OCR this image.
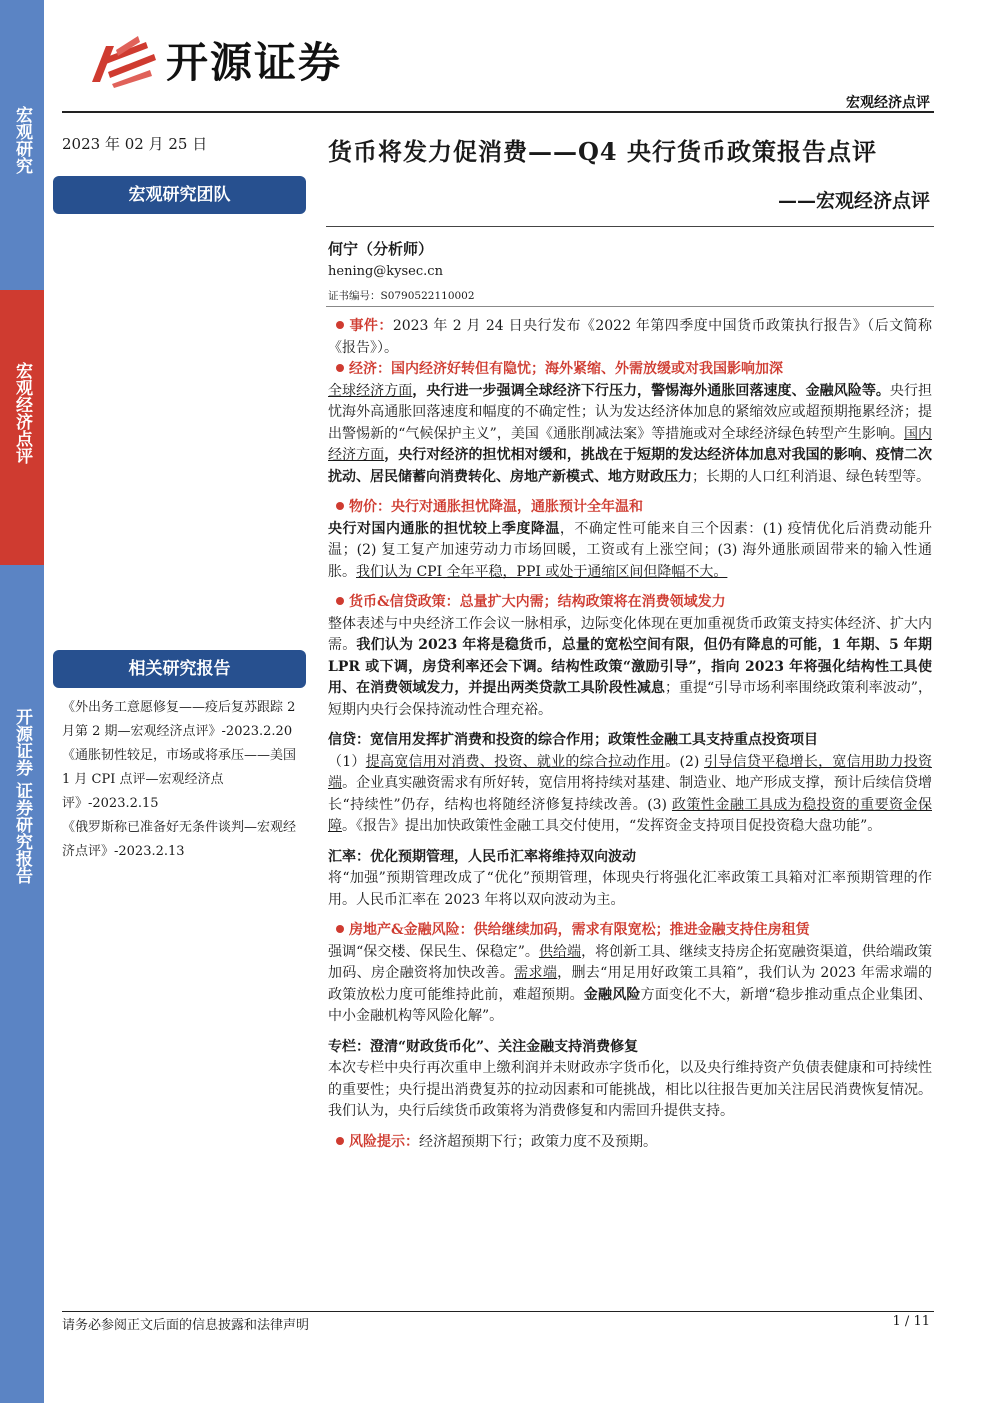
宏观研究
宏观经济点评
开源证券 证券研究报告
开源证券
宏观经济点评
2023 年 02 月 25 日
宏观研究团队
相关研究报告
《外出务工意愿修复——疫后复苏跟踪 2 月第 2 期—宏观经济点评》-2023.2.20
《通胀韧性较足，市场或将承压——美国 1 月 CPI 点评—宏观经济点评》-2023.2.15
《俄罗斯称已准备好无条件谈判—宏观经济点评》-2023.2.13
货币将发力促消费——Q4 央行货币政策报告点评
——宏观经济点评
何宁（分析师）
hening@kysec.cn
证书编号：S0790522110002

事件：2023 年 2 月 24 日央行发布《2022 年第四季度中国货币政策执行报告》（后文简称《报告》）。

经济：国内经济好转但有隐忧；海外紧缩、外需放缓或对我国影响加深

全球经济方面，央行进一步强调全球经济下行压力，警惕海外通胀回落速度、金融风险等。央行担忧海外高通胀回落速度和幅度的不确定性；认为发达经济体加息的紧缩效应或超预期拖累经济；提出警惕新的“气候保护主义”，美国《通胀削减法案》等措施或对全球经济绿色转型产生影响。国内经济方面，央行对经济的担忧相对缓和，挑战在于短期的发达经济体加息对我国的影响、疫情二次扰动、居民储蓄向消费转化、房地产新模式、地方财政压力；长期的人口红利消退、绿色转型等。

物价：央行对通胀担忧降温，通胀预计全年温和

央行对国内通胀的担忧较上季度降温，不确定性可能来自三个因素：(1) 疫情优化后消费动能升温；(2) 复工复产加速劳动力市场回暖，工资或有上涨空间；(3) 海外通胀顽固带来的输入性通胀。我们认为 CPI 全年平稳，PPI 或处于通缩区间但降幅不大。

货币&信贷政策：总量扩大内需；结构政策将在消费领域发力

整体表述与中央经济工作会议一脉相承，边际变化体现在更加重视货币政策支持实体经济、扩大内需。我们认为 2023 年将是稳货币，总量的宽松空间有限，但仍有降息的可能，1 年期、5 年期 LPR 或下调，房贷利率还会下调。结构性政策“激励引导”，指向 2023 年将强化结构性工具使用、在消费领域发力，并提出两类贷款工具阶段性减息；重提“引导市场利率围绕政策利率波动”，短期内央行会保持流动性合理充裕。

信贷：宽信用发挥扩消费和投资的综合作用；政策性金融工具支持重点投资项目

（1）提高宽信用对消费、投资、就业的综合拉动作用。(2) 引导信贷平稳增长，宽信用助力投资端。企业真实融资需求有所好转，宽信用将持续对基建、制造业、地产形成支撑，预计后续信贷增长“持续性”仍存，结构也将随经济修复持续改善。(3) 政策性金融工具成为稳投资的重要资金保障。《报告》提出加快政策性金融工具交付使用，“发挥资金支持项目促投资稳大盘功能”。

汇率：优化预期管理，人民币汇率将维持双向波动

将“加强”预期管理改成了“优化”预期管理，体现央行将强化汇率政策工具箱对汇率预期管理的作用。人民币汇率在 2023 年将以双向波动为主。

房地产&金融风险：供给继续加码，需求有限宽松；推进金融支持住房租赁

强调“保交楼、保民生、保稳定”。供给端，将创新工具、继续支持房企拓宽融资渠道，供给端政策加码、房企融资将加快改善。需求端，删去“用足用好政策工具箱”，我们认为 2023 年需求端的政策放松力度可能维持此前，难超预期。金融风险方面变化不大，新增“稳步推动重点企业集团、中小金融机构等风险化解”。

专栏：澄清“财政货币化”、关注金融支持消费修复

本次专栏中央行再次重申上缴利润并未财政赤字货币化，以及央行维持资产负债表健康和可持续性的重要性；央行提出消费复苏的拉动因素和可能挑战，相比以往报告更加关注居民消费恢复情况。我们认为，央行后续货币政策将为消费修复和内需回升提供支持。

风险提示：经济超预期下行；政策力度不及预期。

请务必参阅正文后面的信息披露和法律声明	1 / 11
